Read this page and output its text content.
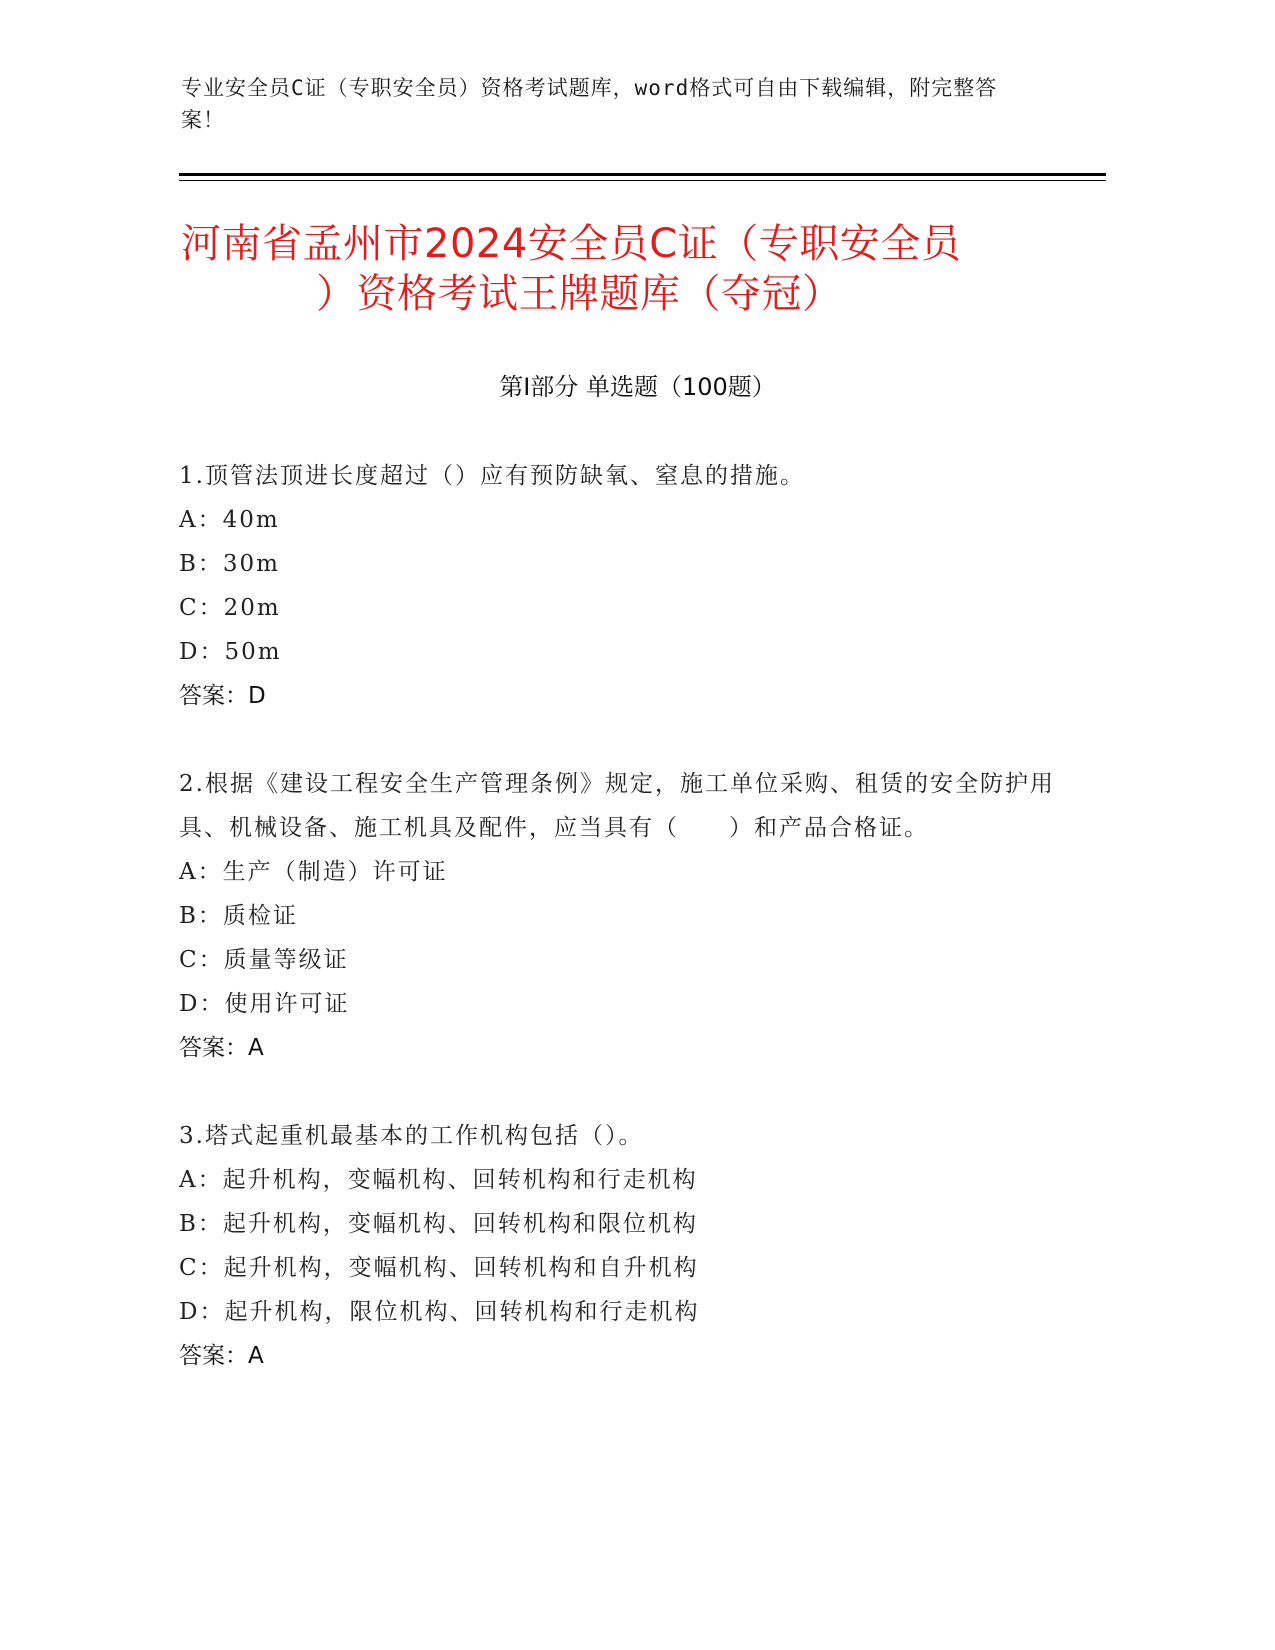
专业安全员C证（专职安全员）资格考试题库，word格式可自由下载编辑，附完整答案！
河南省孟州市2024安全员C证（专职安全员
）资格考试王牌题库（夺冠）
第Ⅰ部分 单选题（100题）

1.顶管法顶进长度超过（）应有预防缺氧、窒息的措施。

A：40m
B：30m
C：20m
D：50m
答案：D

2.根据《建设工程安全生产管理条例》规定，施工单位采购、租赁的安全防护用具、机械设备、施工机具及配件，应当具有（　　）和产品合格证。

A：生产（制造）许可证
B：质检证
C：质量等级证
D：使用许可证
答案：A

3.塔式起重机最基本的工作机构包括（）。

A：起升机构，变幅机构、回转机构和行走机构
B：起升机构，变幅机构、回转机构和限位机构
C：起升机构，变幅机构、回转机构和自升机构
D：起升机构，限位机构、回转机构和行走机构
答案：A
